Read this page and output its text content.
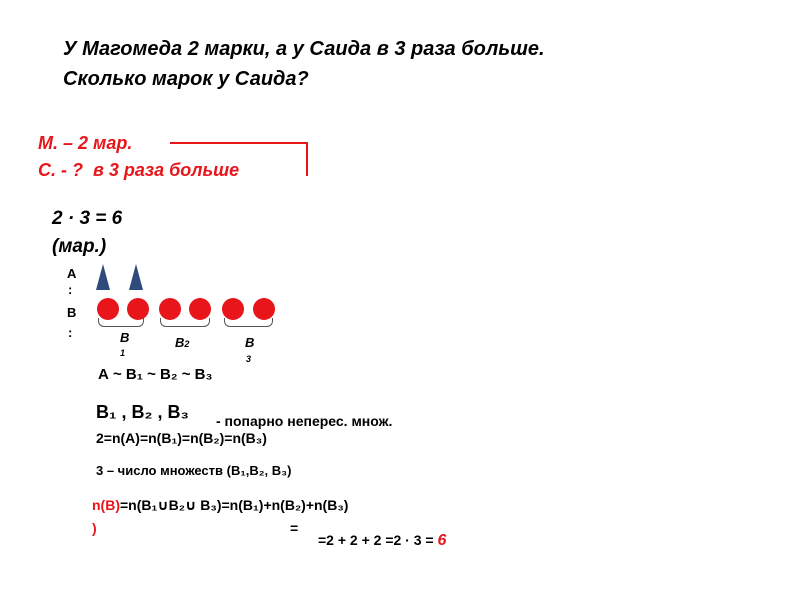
У Магомеда 2 марки, а у Саида в 3 раза больше.
Сколько марок у Саида?
М. – 2 мар.
С. - ? в 3 раза больше
2 · 3 = 6
(мар.)
А
:
В
:	В
1
В2	В
3
А ~ В₁ ~ В₂ ~ В₃
В₁ , В₂ , В₃	- попарно неперес. множ.
2=n(А)=n(В₁)=n(В₂)=n(В₃)
3 – число множеств (В₁,В₂, В₃)
n(B)=n(В₁∪В₂∪ В₃)=n(В₁)+n(В₂)+n(В₃)
)	=
=2 + 2 + 2 =2 · 3 = 6
